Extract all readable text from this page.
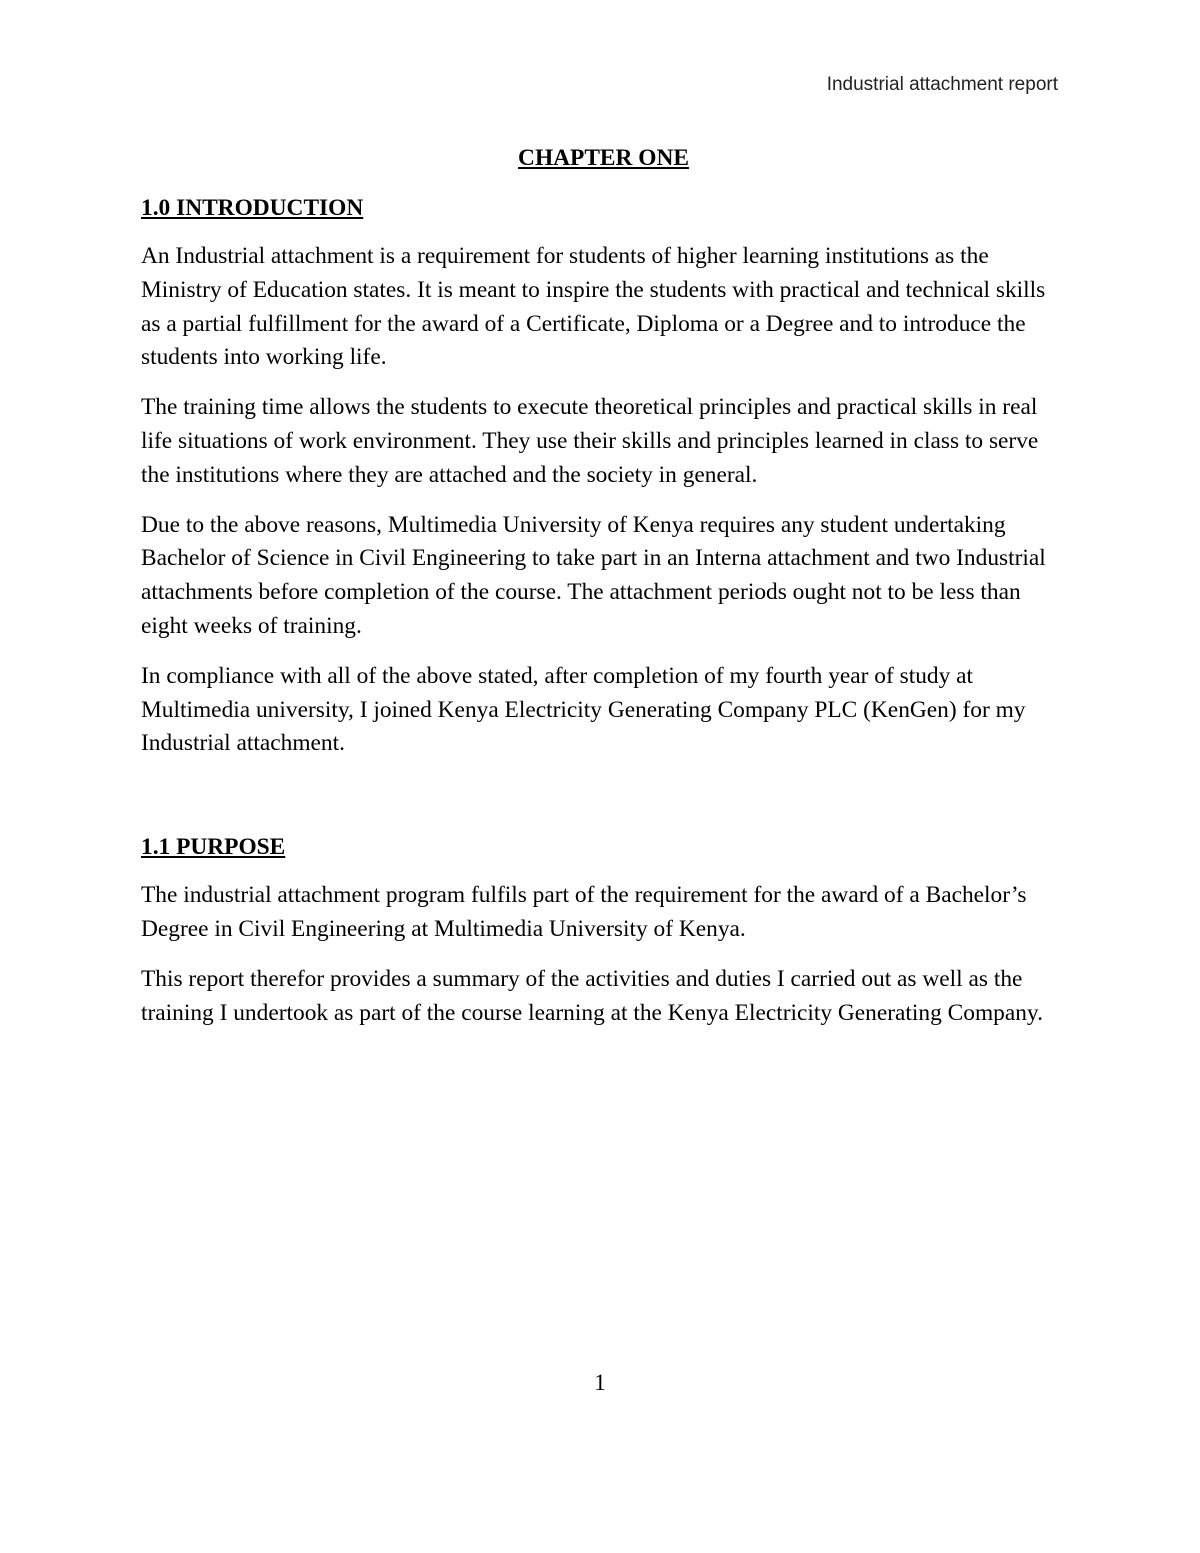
Industrial attachment report
CHAPTER ONE
1.0 INTRODUCTION

An Industrial attachment is a requirement for students of higher learning institutions as the Ministry of Education states. It is meant to inspire the students with practical and technical skills as a partial fulfillment for the award of a Certificate, Diploma or a Degree and to introduce the students into working life.

The training time allows the students to execute theoretical principles and practical skills in real life situations of work environment. They use their skills and principles learned in class to serve the institutions where they are attached and the society in general.

Due to the above reasons, Multimedia University of Kenya requires any student undertaking Bachelor of Science in Civil Engineering to take part in an Interna attachment and two Industrial attachments before completion of the course. The attachment periods ought not to be less than eight weeks of training.

In compliance with all of the above stated, after completion of my fourth year of study at Multimedia university, I joined Kenya Electricity Generating Company PLC (KenGen) for my Industrial attachment.

1.1 PURPOSE

The industrial attachment program fulfils part of the requirement for the award of a Bachelor’s Degree in Civil Engineering at Multimedia University of Kenya.

This report therefor provides a summary of the activities and duties I carried out as well as the training I undertook as part of the course learning at the Kenya Electricity Generating Company.

1
